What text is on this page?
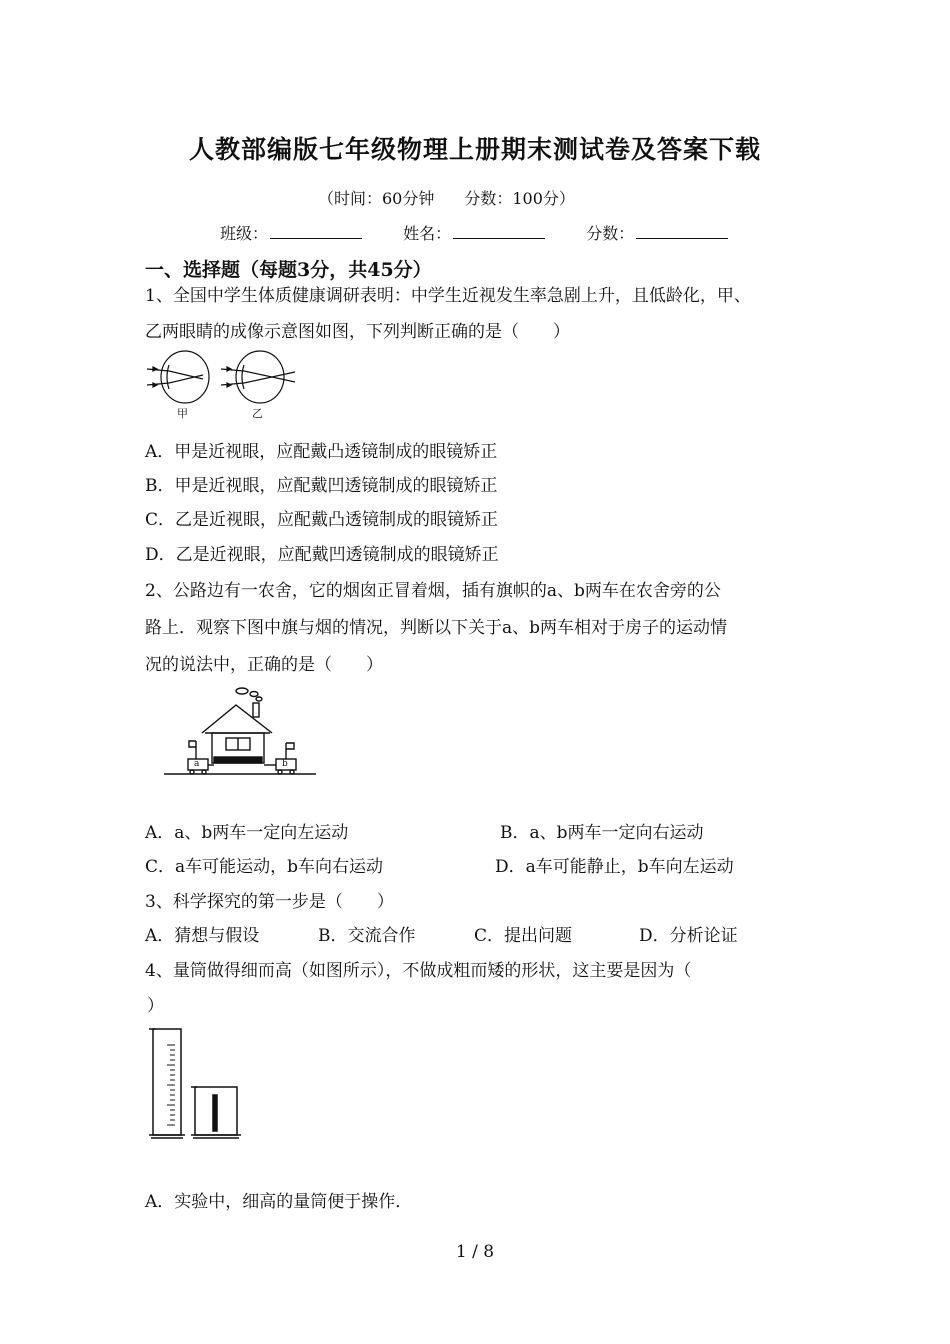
人教部编版七年级物理上册期末测试卷及答案下载
（时间：60分钟 分数：100分）
班级：	姓名：	分数：
一、选择题（每题3分，共45分）
1、全国中学生体质健康调研表明：中学生近视发生率急剧上升，且低龄化，甲、
乙两眼睛的成像示意图如图，下列判断正确的是（　　）
甲	乙
A．甲是近视眼，应配戴凸透镜制成的眼镜矫正
B．甲是近视眼，应配戴凹透镜制成的眼镜矫正
C．乙是近视眼，应配戴凸透镜制成的眼镜矫正
D．乙是近视眼，应配戴凹透镜制成的眼镜矫正
2、公路边有一农舍，它的烟囱正冒着烟，插有旗帜的a、b两车在农舍旁的公
路上．观察下图中旗与烟的情况，判断以下关于a、b两车相对于房子的运动情
况的说法中，正确的是（　　）
a	b
A．a、b两车一定向左运动	B．a、b两车一定向右运动
C．a车可能运动，b车向右运动	D．a车可能静止，b车向左运动
3、科学探究的第一步是（　　）
A．猜想与假设	B．交流合作	C．提出问题	D．分析论证
4、量筒做得细而高（如图所示），不做成粗而矮的形状，这主要是因为（
）
A．实验中，细高的量筒便于操作．
1 / 8
